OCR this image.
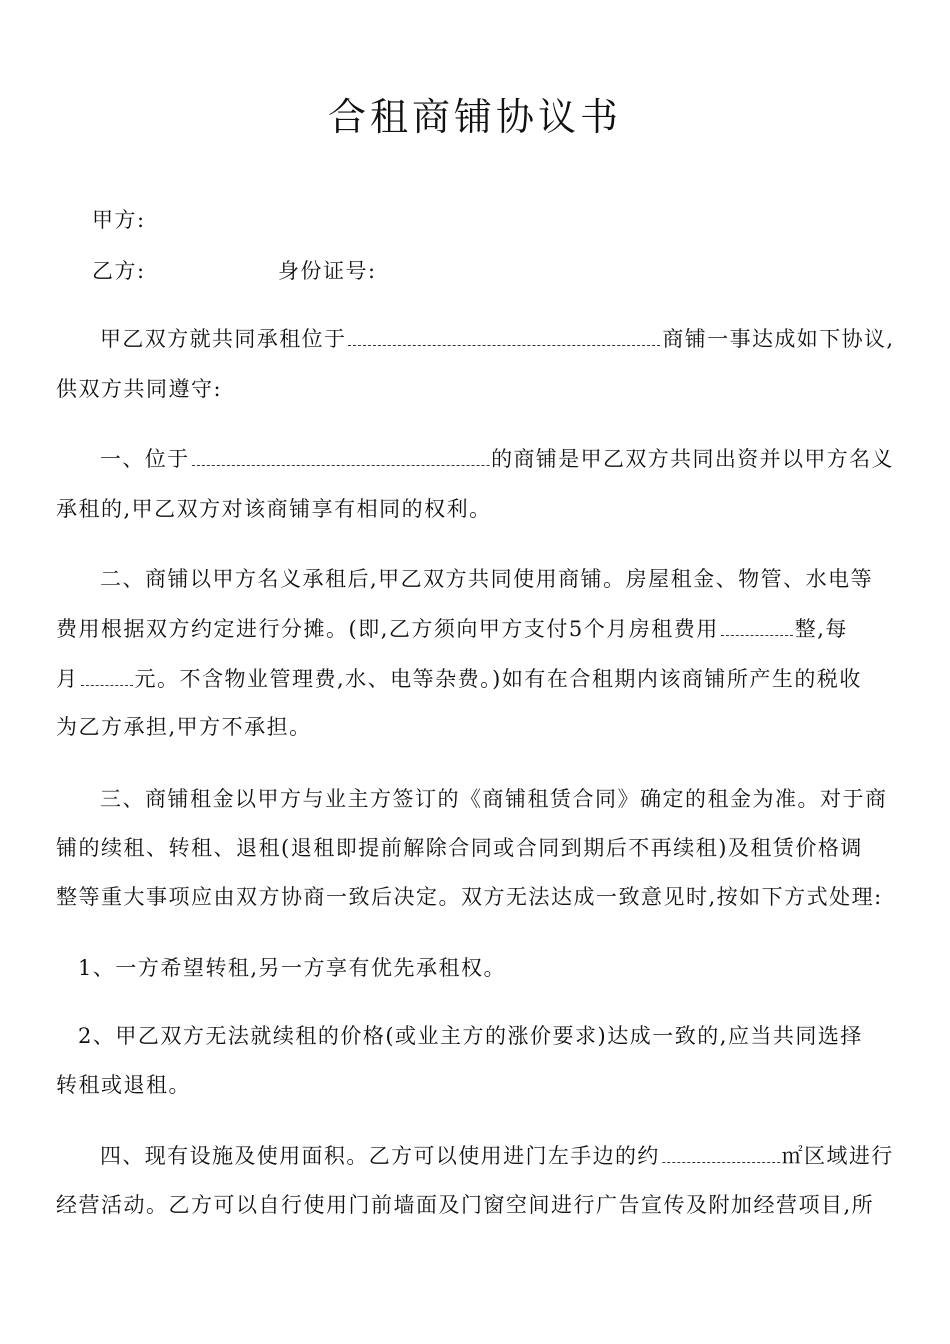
合租商铺协议书
甲方:
乙方:	身份证号:
甲乙双方就共同承租位于	商铺一事达成如下协议,
供双方共同遵守:
一、位于	的商铺是甲乙双方共同出资并以甲方名义
承租的,甲乙双方对该商铺享有相同的权利。
二、商铺以甲方名义承租后,甲乙双方共同使用商铺。房屋租金、物管、水电等
费用根据双方约定进行分摊。(即,乙方须向甲方支付5个月房租费用	整,每
月	元。不含物业管理费,水、电等杂费。)如有在合租期内该商铺所产生的税收
为乙方承担,甲方不承担。
三、商铺租金以甲方与业主方签订的《商铺租赁合同》确定的租金为准。对于商
铺的续租、转租、退租(退租即提前解除合同或合同到期后不再续租)及租赁价格调
整等重大事项应由双方协商一致后决定。双方无法达成一致意见时,按如下方式处理:
1、一方希望转租,另一方享有优先承租权。
2、甲乙双方无法就续租的价格(或业主方的涨价要求)达成一致的,应当共同选择
转租或退租。
四、现有设施及使用面积。乙方可以使用进门左手边的约	㎡区域进行
经营活动。乙方可以自行使用门前墙面及门窗空间进行广告宣传及附加经营项目,所
